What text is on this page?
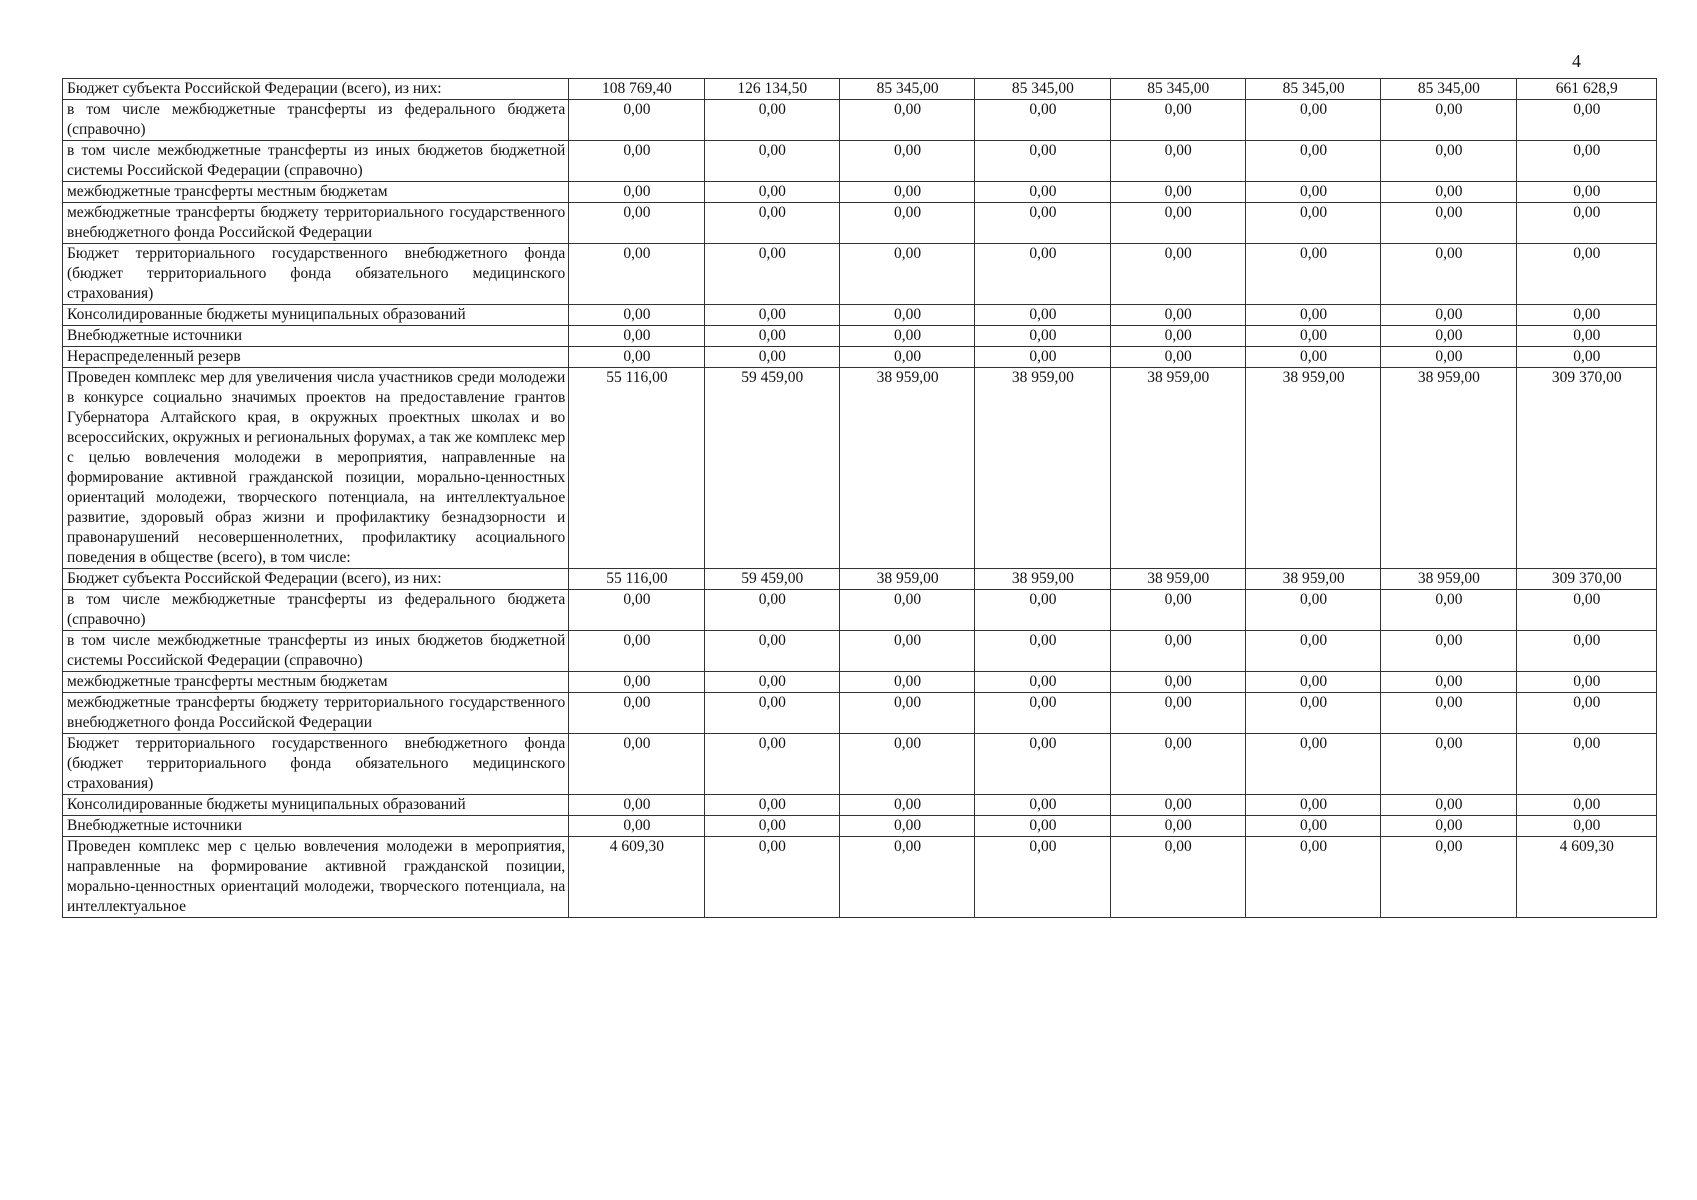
4
Бюджет субъекта Российской Федерации (всего), из них:	108 769,40	126 134,50	85 345,00	85 345,00	85 345,00	85 345,00	85 345,00	661 628,9
в том числе межбюджетные трансферты из федерального бюджета (справочно)	0,00	0,00	0,00	0,00	0,00	0,00	0,00	0,00
в том числе межбюджетные трансферты из иных бюджетов бюджетной системы Российской Федерации (справочно)	0,00	0,00	0,00	0,00	0,00	0,00	0,00	0,00
межбюджетные трансферты местным бюджетам	0,00	0,00	0,00	0,00	0,00	0,00	0,00	0,00
межбюджетные трансферты бюджету территориального государственного внебюджетного фонда Российской Федерации	0,00	0,00	0,00	0,00	0,00	0,00	0,00	0,00
Бюджет территориального государственного внебюджетного фонда (бюджет территориального фонда обязательного медицинского страхования)	0,00	0,00	0,00	0,00	0,00	0,00	0,00	0,00
Консолидированные бюджеты муниципальных образований	0,00	0,00	0,00	0,00	0,00	0,00	0,00	0,00
Внебюджетные источники	0,00	0,00	0,00	0,00	0,00	0,00	0,00	0,00
Нераспределенный резерв	0,00	0,00	0,00	0,00	0,00	0,00	0,00	0,00
Проведен комплекс мер для увеличения числа участников среди молодежи в конкурсе социально значимых проектов на предоставление грантов Губернатора Алтайского края, в окружных проектных школах и во всероссийских, окружных и региональных форумах, а так же комплекс мер с целью вовлечения молодежи в мероприятия, направленные на формирование активной гражданской позиции, морально-ценностных ориентаций молодежи, творческого потенциала, на интеллектуальное развитие, здоровый образ жизни и профилактику безнадзорности и правонарушений несовершеннолетних, профилактику асоциального поведения в обществе (всего), в том числе:	55 116,00	59 459,00	38 959,00	38 959,00	38 959,00	38 959,00	38 959,00	309 370,00
Бюджет субъекта Российской Федерации (всего), из них:	55 116,00	59 459,00	38 959,00	38 959,00	38 959,00	38 959,00	38 959,00	309 370,00
в том числе межбюджетные трансферты из федерального бюджета (справочно)	0,00	0,00	0,00	0,00	0,00	0,00	0,00	0,00
в том числе межбюджетные трансферты из иных бюджетов бюджетной системы Российской Федерации (справочно)	0,00	0,00	0,00	0,00	0,00	0,00	0,00	0,00
межбюджетные трансферты местным бюджетам	0,00	0,00	0,00	0,00	0,00	0,00	0,00	0,00
межбюджетные трансферты бюджету территориального государственного внебюджетного фонда Российской Федерации	0,00	0,00	0,00	0,00	0,00	0,00	0,00	0,00
Бюджет территориального государственного внебюджетного фонда (бюджет территориального фонда обязательного медицинского страхования)	0,00	0,00	0,00	0,00	0,00	0,00	0,00	0,00
Консолидированные бюджеты муниципальных образований	0,00	0,00	0,00	0,00	0,00	0,00	0,00	0,00
Внебюджетные источники	0,00	0,00	0,00	0,00	0,00	0,00	0,00	0,00
Проведен комплекс мер с целью вовлечения молодежи в мероприятия, направленные на формирование активной гражданской позиции, морально-ценностных ориентаций молодежи, творческого потенциала, на интеллектуальное	4 609,30	0,00	0,00	0,00	0,00	0,00	0,00	4 609,30
